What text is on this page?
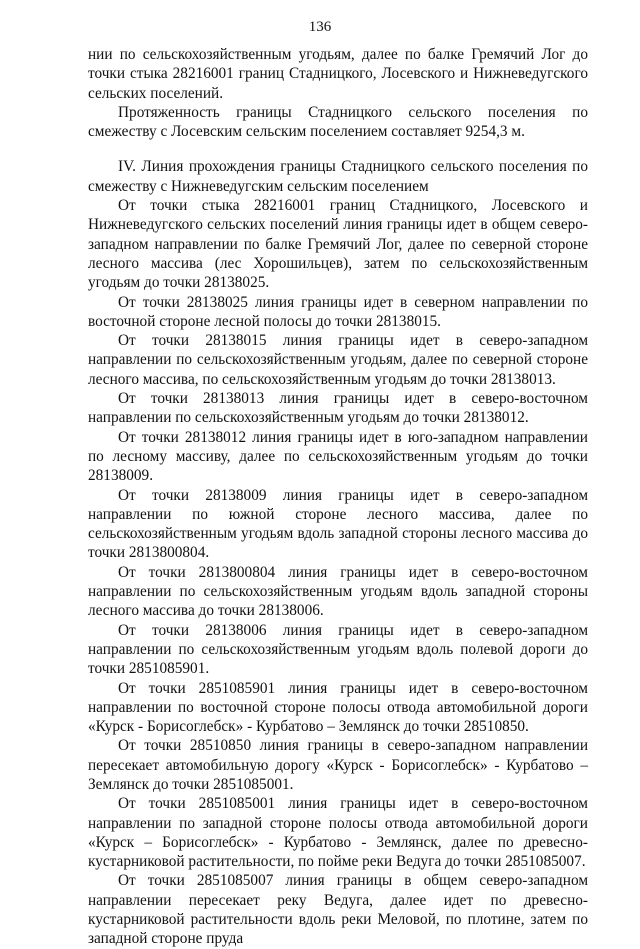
136

нии по сельскохозяйственным угодьям, далее по балке Гремячий Лог до точки стыка 28216001 границ Стадницкого, Лосевского и Нижневедугского сельских поселений.

Протяженность границы Стадницкого сельского поселения по смежеству с Лосевским сельским поселением составляет 9254,3 м.

IV. Линия прохождения границы Стадницкого сельского поселения по смежеству с Нижневедугским сельским поселением

От точки стыка 28216001 границ Стадницкого, Лосевского и Нижневедугского сельских поселений линия границы идет в общем северо-западном направлении по балке Гремячий Лог, далее по северной стороне лесного массива (лес Хорошильцев), затем по сельскохозяйственным угодьям до точки 28138025.

От точки 28138025 линия границы идет в северном направлении по восточной стороне лесной полосы до точки 28138015.

От точки 28138015 линия границы идет в северо-западном направлении по сельскохозяйственным угодьям, далее по северной стороне лесного массива, по сельскохозяйственным угодьям до точки 28138013.

От точки 28138013 линия границы идет в северо-восточном направлении по сельскохозяйственным угодьям до точки 28138012.

От точки 28138012 линия границы идет в юго-западном направлении по лесному массиву, далее по сельскохозяйственным угодьям до точки 28138009.

От точки 28138009 линия границы идет в северо-западном направлении по южной стороне лесного массива, далее по сельскохозяйственным угодьям вдоль западной стороны лесного массива до точки 2813800804.

От точки 2813800804 линия границы идет в северо-восточном направлении по сельскохозяйственным угодьям вдоль западной стороны лесного массива до точки 28138006.

От точки 28138006 линия границы идет в северо-западном направлении по сельскохозяйственным угодьям вдоль полевой дороги до точки 2851085901.

От точки 2851085901 линия границы идет в северо-восточном направлении по восточной стороне полосы отвода автомобильной дороги «Курск - Борисоглебск» - Курбатово – Землянск до точки 28510850.

От точки 28510850 линия границы в северо-западном направлении пересекает автомобильную дорогу «Курск - Борисоглебск» - Курбатово – Землянск до точки 2851085001.

От точки 2851085001 линия границы идет в северо-восточном направлении по западной стороне полосы отвода автомобильной дороги «Курск – Борисоглебск» - Курбатово - Землянск, далее по древесно-кустарниковой растительности, по пойме реки Ведуга до точки 2851085007.

От точки 2851085007 линия границы в общем северо-западном направлении пересекает реку Ведуга, далее идет по древесно-кустарниковой растительности вдоль реки Меловой, по плотине, затем по западной стороне пруда
